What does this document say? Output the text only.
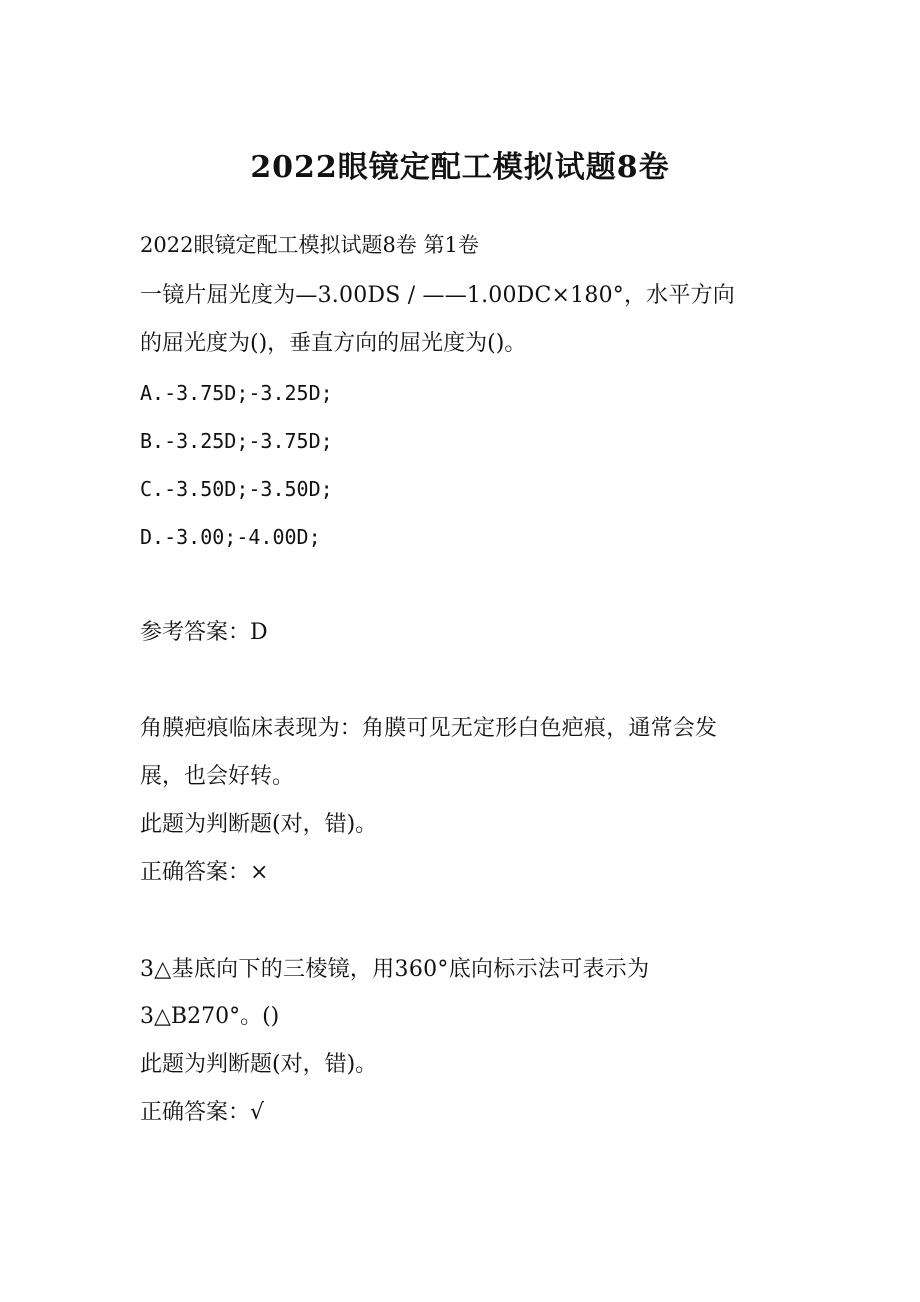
2022眼镜定配工模拟试题8卷
2022眼镜定配工模拟试题8卷 第1卷
一镜片屈光度为—3.00DS / ——1.00DC×180°，水平方向
的屈光度为()，垂直方向的屈光度为()。
A.-3.75D;-3.25D;
B.-3.25D;-3.75D;
C.-3.50D;-3.50D;
D.-3.00;-4.00D;
参考答案：D
角膜疤痕临床表现为：角膜可见无定形白色疤痕，通常会发
展，也会好转。
此题为判断题(对，错)。
正确答案：×
3△基底向下的三棱镜，用360°底向标示法可表示为
3△B270°。()
此题为判断题(对，错)。
正确答案：√
